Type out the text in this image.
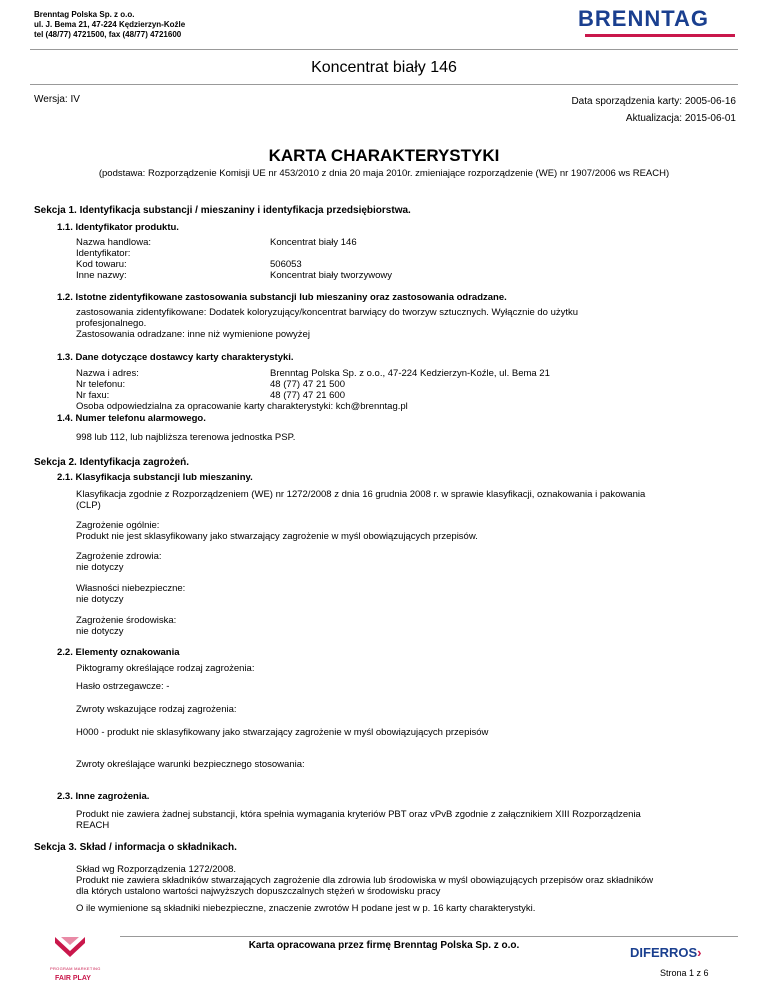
Brenntag Polska Sp. z o.o.
ul. J. Bema 21, 47-224 Kędzierzyn-Koźle
tel (48/77) 4721500, fax (48/77) 4721600
BRENNTAG
Koncentrat biały 146
Wersja: IV	Data sporządzenia karty: 2005-06-16
Aktualizacja: 2015-06-01
KARTA CHARAKTERYSTYKI
(podstawa: Rozporządzenie Komisji UE nr 453/2010 z dnia 20 maja 2010r. zmieniające rozporządzenie (WE) nr 1907/2006 ws REACH)
Sekcja 1. Identyfikacja substancji / mieszaniny i identyfikacja przedsiębiorstwa.
1.1. Identyfikator produktu.
Nazwa handlowa:
Identyfikator:
Kod towaru:
Inne nazwy:
Koncentrat biały 146
506053
Koncentrat biały tworzywowy
1.2. Istotne zidentyfikowane zastosowania substancji lub mieszaniny oraz zastosowania odradzane.
zastosowania zidentyfikowane: Dodatek koloryzujący/koncentrat barwiący do tworzyw sztucznych. Wyłącznie do użytku
profesjonalnego.
Zastosowania odradzane: inne niż wymienione powyżej
1.3. Dane dotyczące dostawcy karty charakterystyki.
Nazwa i adres:
Nr telefonu:
Nr faxu:
Osoba odpowiedzialna za opracowanie karty charakterystyki: kch@brenntag.pl
Brenntag Polska Sp. z o.o., 47-224 Kedzierzyn-Koźle, ul. Bema 21
48 (77) 47 21 500
48 (77) 47 21 600
1.4. Numer telefonu alarmowego.
998 lub 112, lub najbliższa terenowa jednostka PSP.
Sekcja 2. Identyfikacja zagrożeń.
2.1. Klasyfikacja substancji lub mieszaniny.
Klasyfikacja zgodnie z Rozporządzeniem (WE) nr 1272/2008 z dnia 16 grudnia 2008 r. w sprawie klasyfikacji, oznakowania i pakowania
(CLP)
Zagrożenie ogólnie:
Produkt nie jest sklasyfikowany jako stwarzający zagrożenie w myśl obowiązujących przepisów.
Zagrożenie zdrowia:
nie dotyczy
Własności niebezpieczne:
nie dotyczy
Zagrożenie środowiska:
nie dotyczy
2.2. Elementy oznakowania
Piktogramy określające rodzaj zagrożenia:
Hasło ostrzegawcze: -
Zwroty wskazujące rodzaj zagrożenia:
H000 - produkt nie sklasyfikowany jako stwarzający zagrożenie w myśl obowiązujących przepisów
Zwroty określające warunki bezpiecznego stosowania:
2.3. Inne zagrożenia.
Produkt nie zawiera żadnej substancji, która spełnia wymagania kryteriów PBT oraz vPvB zgodnie z załącznikiem XIII Rozporządzenia
REACH
Sekcja 3. Skład / informacja o składnikach.
Skład wg Rozporządzenia 1272/2008.
Produkt nie zawiera składników stwarzających zagrożenie dla zdrowia lub środowiska w myśl obowiązujących przepisów oraz składników
dla których ustalono wartości najwyższych dopuszczalnych stężeń w środowisku pracy
O ile wymienione są składniki niebezpieczne, znaczenie zwrotów H podane jest w p. 16 karty charakterystyki.
PROGRAM MARKETING
FAIR PLAY
Karta opracowana przez firmę Brenntag Polska Sp. z o.o.	DIFERROS›
Strona 1 z 6
